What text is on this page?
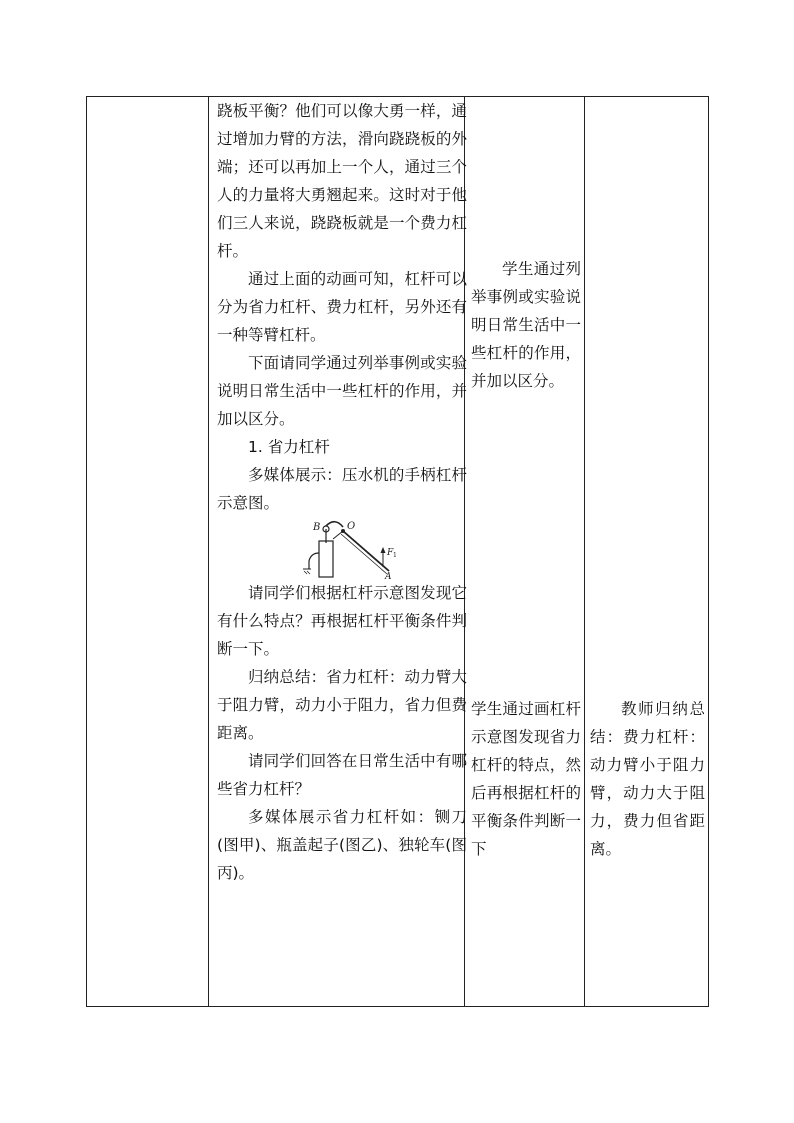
跷板平衡？他们可以像大勇一样，通过增加力臂的方法，滑向跷跷板的外端；还可以再加上一个人，通过三个人的力量将大勇翘起来。这时对于他们三人来说，跷跷板就是一个费力杠杆。

通过上面的动画可知，杠杆可以分为省力杠杆、费力杠杆，另外还有一种等臂杠杆。

下面请同学通过列举事例或实验说明日常生活中一些杠杆的作用，并加以区分。

1. 省力杠杆

多媒体展示：压水机的手柄杠杆示意图。

B	O
F 1
A

请同学们根据杠杆示意图发现它有什么特点？再根据杠杆平衡条件判断一下。

归纳总结：省力杠杆：动力臂大于阻力臂，动力小于阻力，省力但费距离。

请同学们回答在日常生活中有哪些省力杠杆？

多媒体展示省力杠杆如：铡刀(图甲)、瓶盖起子(图乙)、独轮车(图丙)。

学生通过列举事例或实验说明日常生活中一些杠杆的作用，并加以区分。

学生通过画杠杆示意图发现省力杠杆的特点，然后再根据杠杆的平衡条件判断一下

教师归纳总结：费力杠杆：动力臂小于阻力臂，动力大于阻力，费力但省距离。
